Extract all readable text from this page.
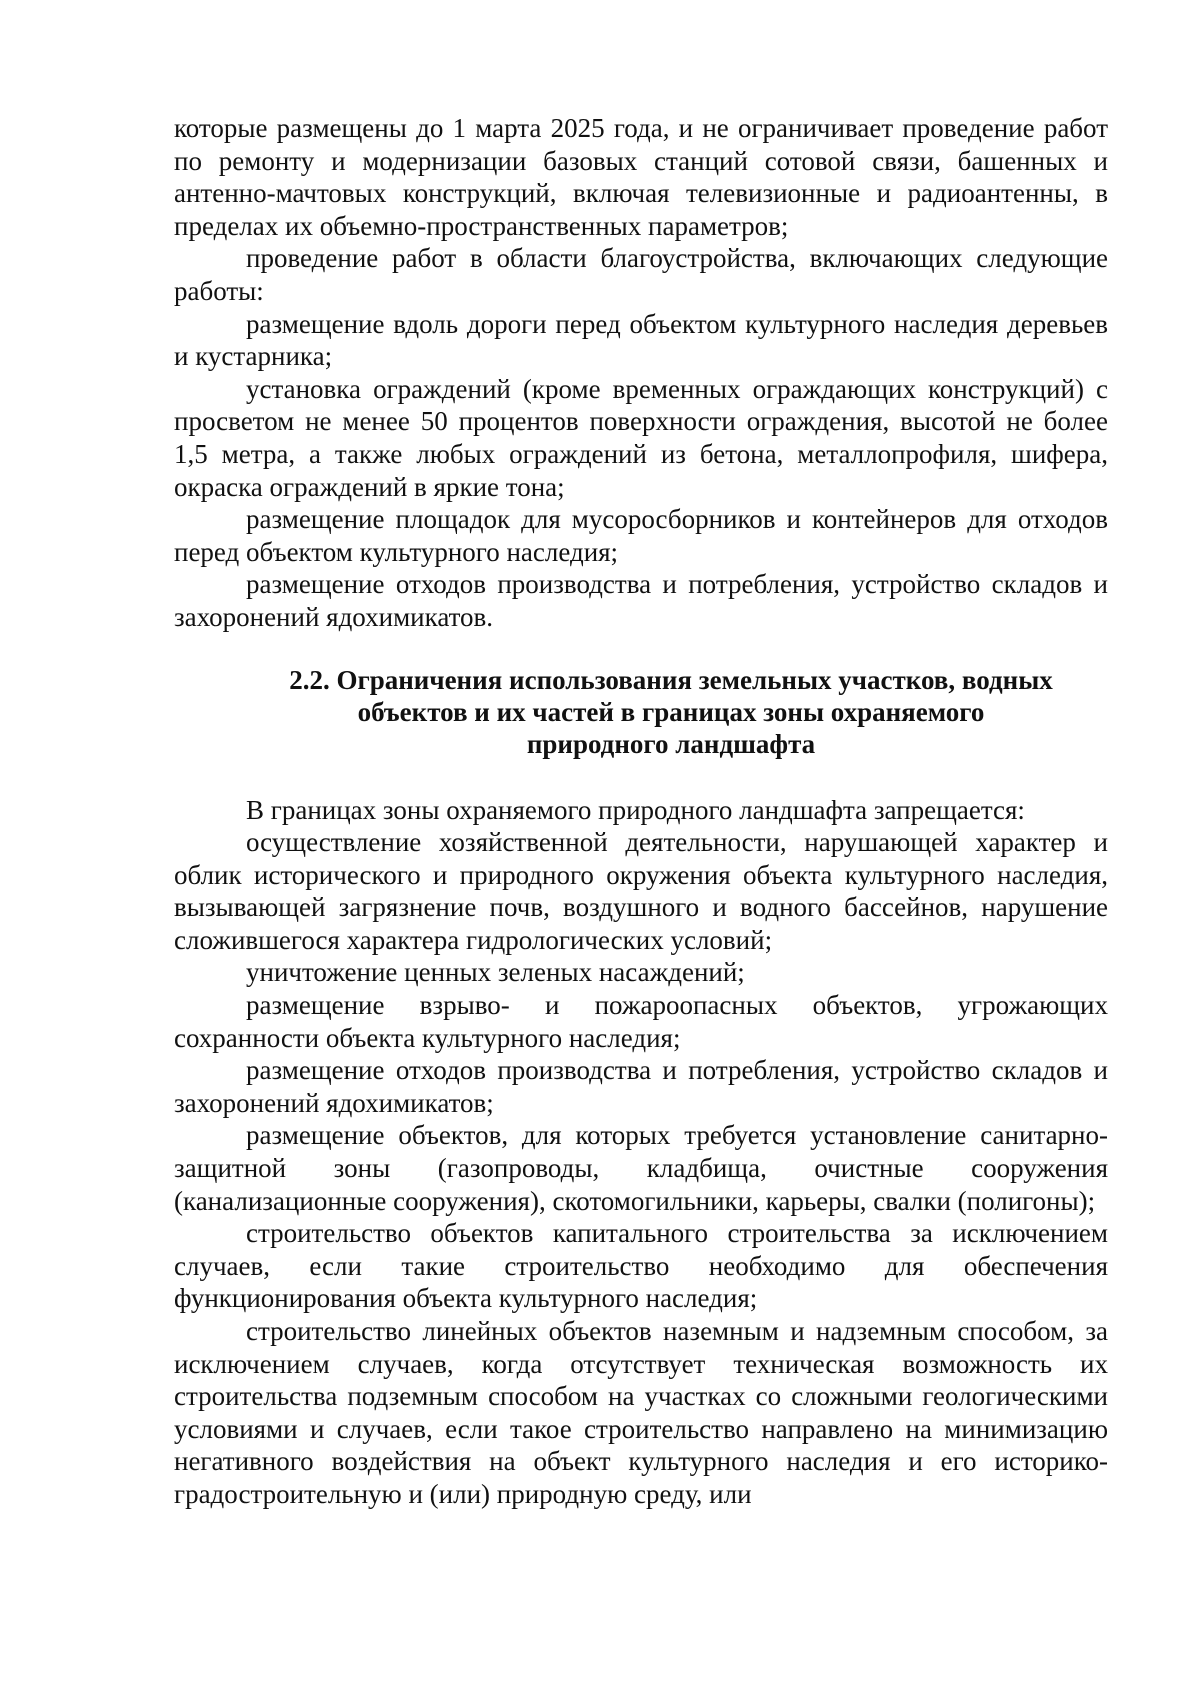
которые размещены до 1 марта 2025 года, и не ограничивает проведение работ по ремонту и модернизации базовых станций сотовой связи, башенных и антенно-мачтовых конструкций, включая телевизионные и радиоантенны, в пределах их объемно-пространственных параметров;

проведение работ в области благоустройства, включающих следующие работы:

размещение вдоль дороги перед объектом культурного наследия деревьев и кустарника;

установка ограждений (кроме временных ограждающих конструкций) с просветом не менее 50 процентов поверхности ограждения, высотой не более 1,5 метра, а также любых ограждений из бетона, металлопрофиля, шифера, окраска ограждений в яркие тона;

размещение площадок для мусоросборников и контейнеров для отходов перед объектом культурного наследия;

размещение отходов производства и потребления, устройство складов и захоронений ядохимикатов.

2.2. Ограничения использования земельных участков, водных
объектов и их частей в границах зоны охраняемого
природного ландшафта

В границах зоны охраняемого природного ландшафта запрещается:

осуществление хозяйственной деятельности, нарушающей характер и облик исторического и природного окружения объекта культурного наследия, вызывающей загрязнение почв, воздушного и водного бассейнов, нарушение сложившегося характера гидрологических условий;

уничтожение ценных зеленых насаждений;

размещение взрыво- и пожароопасных объектов, угрожающих сохранности объекта культурного наследия;

размещение отходов производства и потребления, устройство складов и захоронений ядохимикатов;

размещение объектов, для которых требуется установление санитарно-защитной зоны (газопроводы, кладбища, очистные сооружения (канализационные сооружения), скотомогильники, карьеры, свалки (полигоны);

строительство объектов капитального строительства за исключением случаев, если такие строительство необходимо для обеспечения функционирования объекта культурного наследия;

строительство линейных объектов наземным и надземным способом, за исключением случаев, когда отсутствует техническая возможность их строительства подземным способом на участках со сложными геологическими условиями и случаев, если такое строительство направлено на минимизацию негативного воздействия на объект культурного наследия и его историко-градостроительную и (или) природную среду, или
